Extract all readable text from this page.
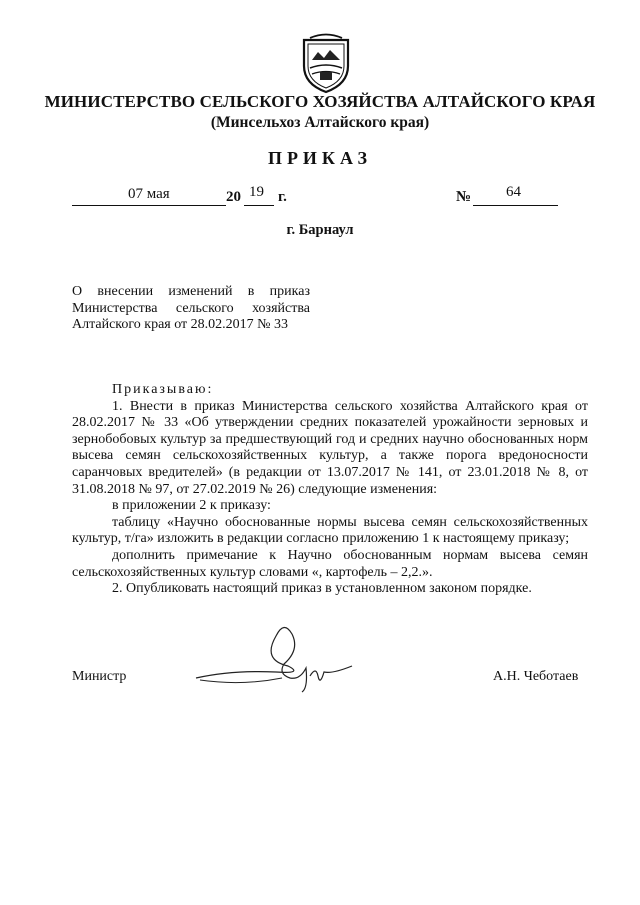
МИНИСТЕРСТВО СЕЛЬСКОГО ХОЗЯЙСТВА АЛТАЙСКОГО КРАЯ
(Минсельхоз Алтайского края)
ПРИКАЗ
07 мая	20 19 г.	№ 64
г. Барнаул
О внесении изменений в приказ
Министерства сельского хозяйства
Алтайского края от 28.02.2017 № 33

Приказываю:

1. Внести в приказ Министерства сельского хозяйства Алтайского края от 28.02.2017 № 33 «Об утверждении средних показателей урожайности зерновых и зернобобовых культур за предшествующий год и средних научно обоснованных норм высева семян сельскохозяйственных культур, а также порога вредоносности саранчовых вредителей» (в редакции от 13.07.2017 № 141, от 23.01.2018 № 8, от 31.08.2018 № 97, от 27.02.2019 № 26) следующие изменения:

в приложении 2 к приказу:

таблицу «Научно обоснованные нормы высева семян сельскохозяйственных культур, т/га» изложить в редакции согласно приложению 1 к настоящему приказу;

дополнить примечание к Научно обоснованным нормам высева семян сельскохозяйственных культур словами «, картофель – 2,2.».

2. Опубликовать настоящий приказ в установленном законом порядке.

Министр	А.Н. Чеботаев
